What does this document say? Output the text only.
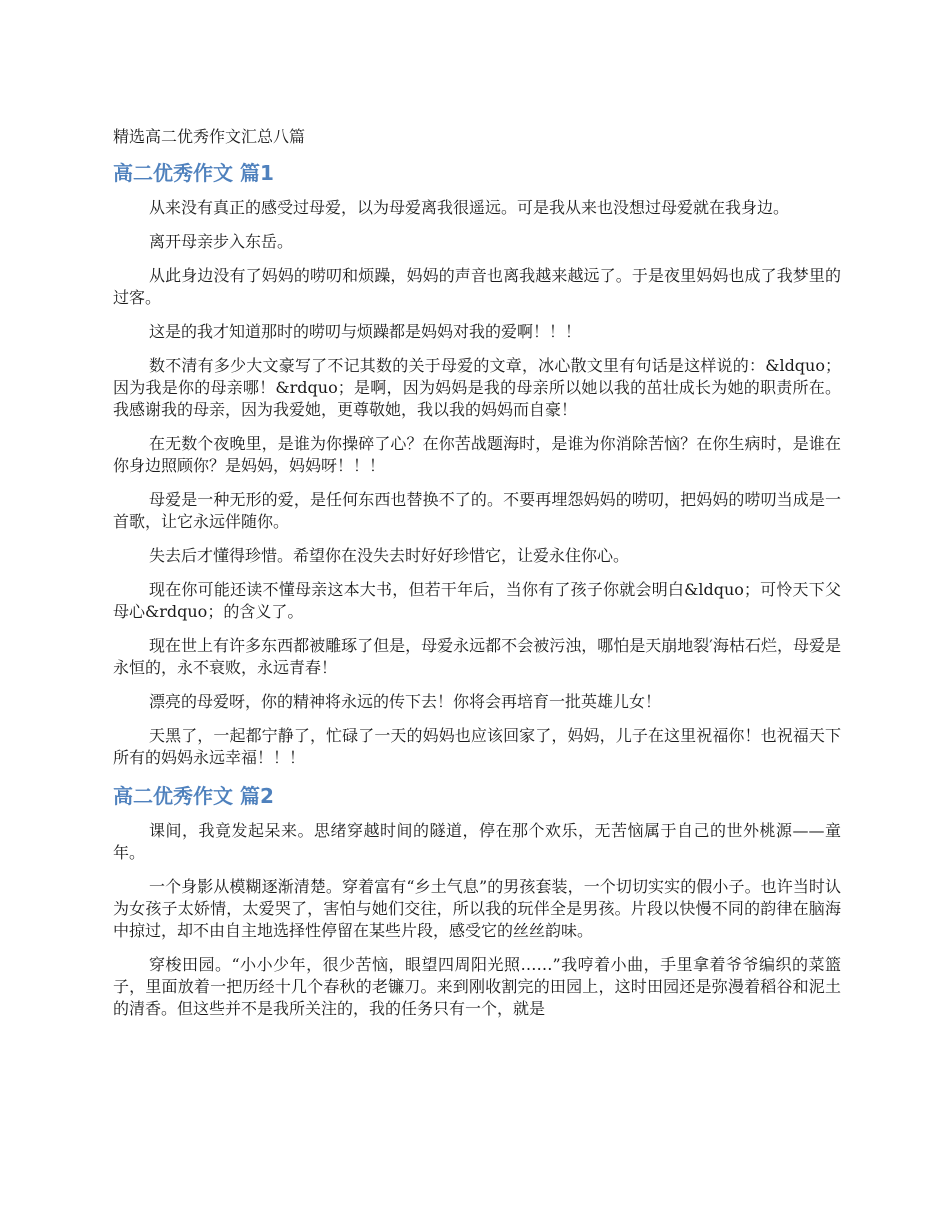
精选高二优秀作文汇总八篇
高二优秀作文 篇1

从来没有真正的感受过母爱，以为母爱离我很遥远。可是我从来也没想过母爱就在我身边。

离开母亲步入东岳。

从此身边没有了妈妈的唠叨和烦躁，妈妈的声音也离我越来越远了。于是夜里妈妈也成了我梦里的过客。

这是的我才知道那时的唠叨与烦躁都是妈妈对我的爱啊！！！

数不清有多少大文豪写了不记其数的关于母爱的文章，冰心散文里有句话是这样说的：&ldquo；因为我是你的母亲哪！&rdquo；是啊，因为妈妈是我的母亲所以她以我的茁壮成长为她的职责所在。我感谢我的母亲，因为我爱她，更尊敬她，我以我的妈妈而自豪！

在无数个夜晚里，是谁为你操碎了心？在你苦战题海时，是谁为你消除苦恼？在你生病时，是谁在你身边照顾你？是妈妈，妈妈呀！！！

母爱是一种无形的爱，是任何东西也替换不了的。不要再埋怨妈妈的唠叨，把妈妈的唠叨当成是一首歌，让它永远伴随你。

失去后才懂得珍惜。希望你在没失去时好好珍惜它，让爱永住你心。

现在你可能还读不懂母亲这本大书，但若干年后，当你有了孩子你就会明白&ldquo；可怜天下父母心&rdquo；的含义了。

现在世上有许多东西都被雕琢了但是，母爱永远都不会被污浊，哪怕是天崩地裂′海枯石烂，母爱是永恒的，永不衰败，永远青春！

漂亮的母爱呀，你的精神将永远的传下去！你将会再培育一批英雄儿女！

天黑了，一起都宁静了，忙碌了一天的妈妈也应该回家了，妈妈，儿子在这里祝福你！也祝福天下所有的妈妈永远幸福！！！

高二优秀作文 篇2

课间，我竟发起呆来。思绪穿越时间的隧道，停在那个欢乐，无苦恼属于自己的世外桃源——童年。

一个身影从模糊逐渐清楚。穿着富有“乡土气息”的男孩套装，一个切切实实的假小子。也许当时认为女孩子太娇情，太爱哭了，害怕与她们交往，所以我的玩伴全是男孩。片段以快慢不同的韵律在脑海中掠过，却不由自主地选择性停留在某些片段，感受它的丝丝韵味。

穿梭田园。“小小少年，很少苦恼，眼望四周阳光照……”我哼着小曲，手里拿着爷爷编织的菜篮子，里面放着一把历经十几个春秋的老镰刀。来到刚收割完的田园上，这时田园还是弥漫着稻谷和泥土的清香。但这些并不是我所关注的，我的任务只有一个，就是
